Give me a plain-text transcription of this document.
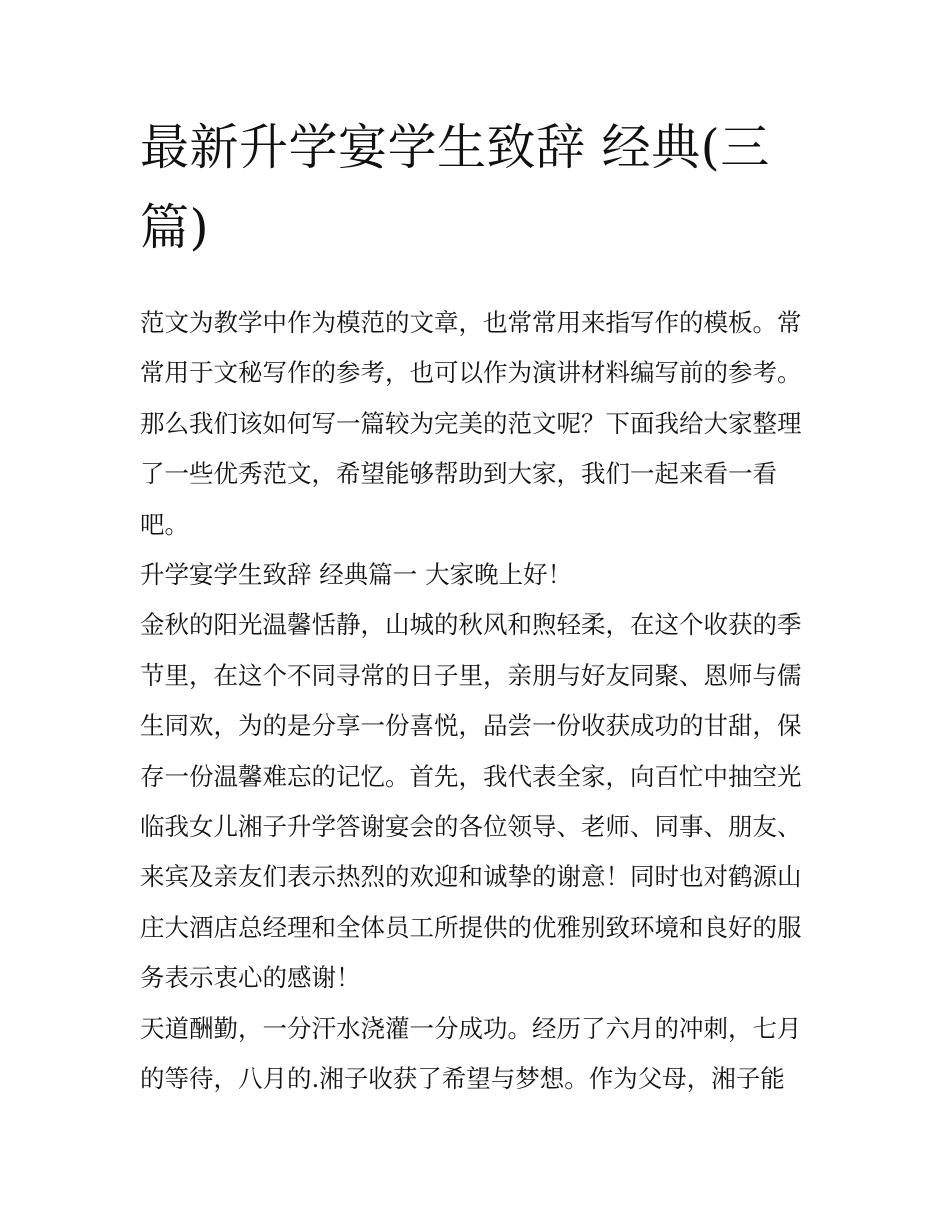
最新升学宴学生致辞 经典(三篇)

范文为教学中作为模范的文章，也常常用来指写作的模板。常常用于文秘写作的参考，也可以作为演讲材料编写前的参考。那么我们该如何写一篇较为完美的范文呢？下面我给大家整理了一些优秀范文，希望能够帮助到大家，我们一起来看一看吧。

升学宴学生致辞 经典篇一 大家晚上好！

金秋的阳光温馨恬静，山城的秋风和煦轻柔，在这个收获的季节里，在这个不同寻常的日子里，亲朋与好友同聚、恩师与儒生同欢，为的是分享一份喜悦，品尝一份收获成功的甘甜，保存一份温馨难忘的记忆。首先，我代表全家，向百忙中抽空光临我女儿湘子升学答谢宴会的各位领导、老师、同事、朋友、来宾及亲友们表示热烈的欢迎和诚挚的谢意！同时也对鹤源山庄大酒店总经理和全体员工所提供的优雅别致环境和良好的服务表示衷心的感谢！

天道酬勤，一分汗水浇灌一分成功。经历了六月的冲刺，七月的等待，八月的.湘子收获了希望与梦想。作为父母，湘子能
